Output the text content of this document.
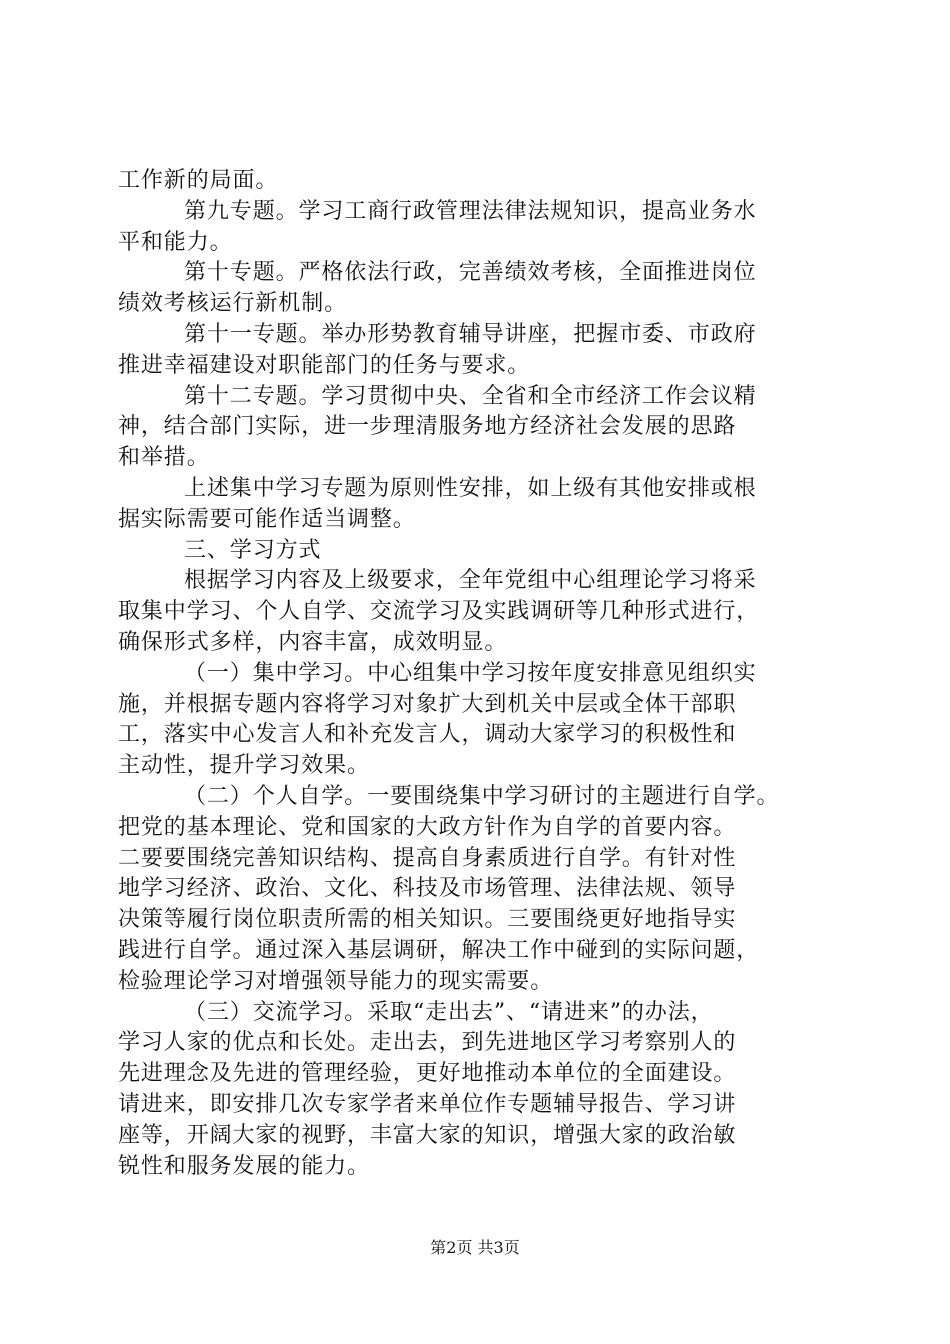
工作新的局面。
第九专题。学习工商行政管理法律法规知识，提高业务水
平和能力。
第十专题。严格依法行政，完善绩效考核，全面推进岗位
绩效考核运行新机制。
第十一专题。举办形势教育辅导讲座，把握市委、市政府
推进幸福建设对职能部门的任务与要求。
第十二专题。学习贯彻中央、全省和全市经济工作会议精
神，结合部门实际，进一步理清服务地方经济社会发展的思路
和举措。
上述集中学习专题为原则性安排，如上级有其他安排或根
据实际需要可能作适当调整。
三、学习方式
根据学习内容及上级要求，全年党组中心组理论学习将采
取集中学习、个人自学、交流学习及实践调研等几种形式进行，
确保形式多样，内容丰富，成效明显。
（一）集中学习。中心组集中学习按年度安排意见组织实
施，并根据专题内容将学习对象扩大到机关中层或全体干部职
工，落实中心发言人和补充发言人，调动大家学习的积极性和
主动性，提升学习效果。
（二）个人自学。一要围绕集中学习研讨的主题进行自学。
把党的基本理论、党和国家的大政方针作为自学的首要内容。
二要要围绕完善知识结构、提高自身素质进行自学。有针对性
地学习经济、政治、文化、科技及市场管理、法律法规、领导
决策等履行岗位职责所需的相关知识。三要围绕更好地指导实
践进行自学。通过深入基层调研，解决工作中碰到的实际问题，
检验理论学习对增强领导能力的现实需要。
（三）交流学习。采取“走出去”、“请进来”的办法，
学习人家的优点和长处。走出去，到先进地区学习考察别人的
先进理念及先进的管理经验，更好地推动本单位的全面建设。
请进来，即安排几次专家学者来单位作专题辅导报告、学习讲
座等，开阔大家的视野，丰富大家的知识，增强大家的政治敏
锐性和服务发展的能力。
第2页 共3页
